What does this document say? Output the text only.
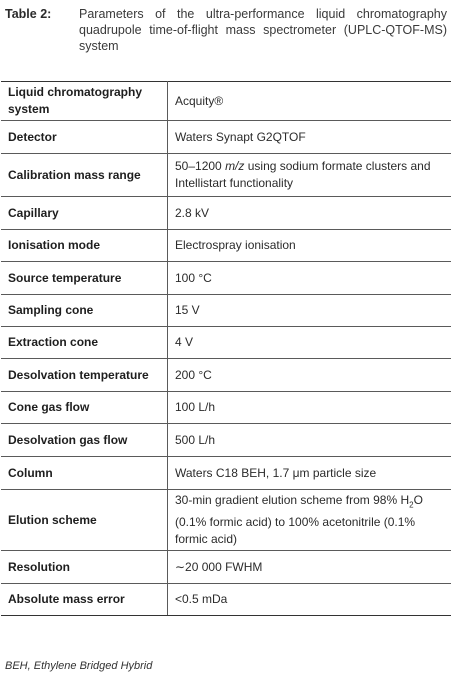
Table 2: Parameters of the ultra-performance liquid chromatography quadrupole time-of-flight mass spectrometer (UPLC-QTOF-MS) system
Liquid chromatography system	Acquity®
Detector	Waters Synapt G2QTOF
Calibration mass range	50–1200 m/z using sodium formate clusters and Intellistart functionality
Capillary	2.8 kV
Ionisation mode	Electrospray ionisation
Source temperature	100 °C
Sampling cone	15 V
Extraction cone	4 V
Desolvation temperature	200 °C
Cone gas flow	100 L/h
Desolvation gas flow	500 L/h
Column	Waters C18 BEH, 1.7 μm particle size
Elution scheme	30-min gradient elution scheme from 98% $H_2O$ (0.1% formic acid) to 100% acetonitrile (0.1% formic acid)
Resolution	∼20 000 FWHM
Absolute mass error	<0.5 mDa
BEH, Ethylene Bridged Hybrid
